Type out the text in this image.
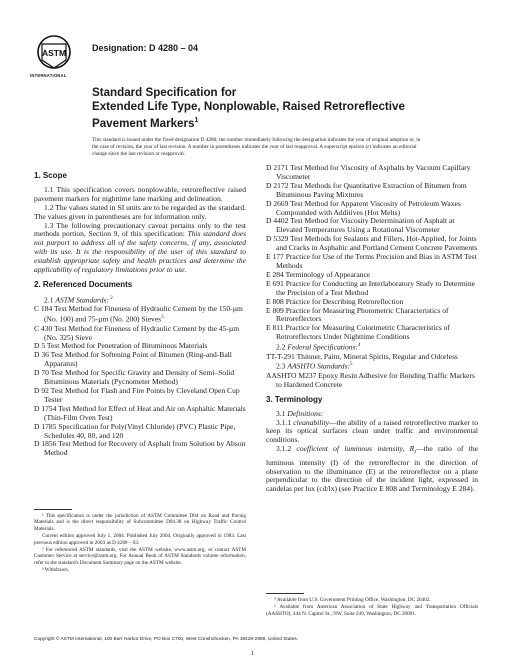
ASTM
INTERNATIONAL
Designation: D 4280 – 04
Standard Specification for
Extended Life Type, Nonplowable, Raised Retroreflective
Pavement Markers$^1$
This standard is issued under the fixed designation D 4280; the number immediately following the designation indicates the year of original adoption or, in the case of revision, the year of last revision. A number in parentheses indicates the year of last reapproval. A superscript epsilon (ε) indicates an editorial change since the last revision or reapproval.
1. Scope

1.1 This specification covers nonplowable, retroreflective raised pavement markers for nighttime lane marking and delineation.

1.2 The values stated in SI units are to be regarded as the standard. The values given in parentheses are for information only.

1.3 The following precautionary caveat pertains only to the test methods portion, Section 9, of this specification: This standard does not purport to address all of the safety concerns, if any, associated with its use. It is the responsibility of the user of this standard to establish appropriate safety and health practices and determine the applicability of regulatory limitations prior to use.

2. Referenced Documents
2.1 ASTM Standards: $^2$

C 184 Test Method for Fineness of Hydraulic Cement by the 150-µm (No. 100) and 75-µm (No. 200) Sieves$^3$

C 430 Test Method for Fineness of Hydraulic Cement by the 45-µm (No. 325) Sieve

D 5 Test Method for Penetration of Bituminous Materials

D 36 Test Method for Softening Point of Bitumen (Ring-and-Ball Apparatus)

D 70 Test Method for Specific Gravity and Density of Semi–Solid Bituminous Materials (Pycnometer Method)

D 92 Test Method for Flash and Fire Points by Cleveland Open Cup Tester

D 1754 Test Method for Effect of Heat and Air on Asphaltic Materials (Thin-Film Oven Test)

D 1785 Specification for Poly(Vinyl Chloride) (PVC) Plastic Pipe, Schedules 40, 80, and 120

D 1856 Test Method for Recovery of Asphalt from Solution by Abson Method

D 2171 Test Method for Viscosity of Asphalts by Vacuum Capillary Viscometer

D 2172 Test Methods for Quantitative Extraction of Bitumen from Bituminous Paving Mixtures

D 2669 Test Method for Apparent Viscosity of Petroleum Waxes Compounded with Additives (Hot Melts)

D 4402 Test Method for Viscosity Determination of Asphalt at Elevated Temperatures Using a Rotational Viscometer

D 5329 Test Methods for Sealants and Fillers, Hot-Applied, for Joints and Cracks in Asphaltic and Portland Cement Concrete Pavements

E 177 Practice for Use of the Terms Precision and Bias in ASTM Test Methods

E 284 Terminology of Appearance

E 691 Practice for Conducting an Interlaboratory Study to Determine the Precision of a Test Method

E 808 Practice for Describing Retroreflection

E 809 Practice for Measuring Photometric Characteristics of Retroreflectors

E 811 Practice for Measuring Colorimetric Characteristics of Retroreflectors Under Nighttime Conditions

2.2 Federal Specifications:$^4$

TT-T-291 Thinner, Paint, Mineral Spirits, Regular and Odorless

2.3 AASHTO Standards:$^5$

AASHTO M237 Epoxy Resin Adhesive for Bonding Traffic Markers to Hardened Concrete

3. Terminology
3.1 Definitions:

3.1.1 cleanability—the ability of a raised retroreflective marker to keep its optical surfaces clean under traffic and environmental conditions.

3.1.2 coefficient of luminous intensity, $R_I—the$ ratio of the luminous intensity (I) of the retroreflector in the direction of observation to the illuminance (E) at the retroreflector on a plane perpendicular to the direction of the incident light, expressed in candelas per lux (cd/lx) (see Practice E 808 and Terminology E 284).

¹ This specification is under the jurisdiction of ASTM Committee D04 on Road and Paving Materials and is the direct responsibility of Subcommittee D04.38 on Highway Traffic Control Materials.

Current edition approved July 1, 2004. Published July 2004. Originally approved in 1983. Last previous edition approved in 2003 as D 4280 – 03.

² For referenced ASTM standards, visit the ASTM website, www.astm.org, or contact ASTM Customer Service at service@astm.org. For Annual Book of ASTM Standards volume information, refer to the standard's Document Summary page on the ASTM website.

³ Withdrawn.

⁴ Available from U.S. Government Printing Office, Washington, DC 20402.

⁵ Available from American Association of State Highway and Transportation Officials (AASHTO), 444 N. Capitol St., NW, Suite 249, Washington, DC 20001.

Copyright © ASTM International, 100 Barr Harbor Drive, PO Box C700, West Conshohocken, PA 19428-2959, United States.
1
